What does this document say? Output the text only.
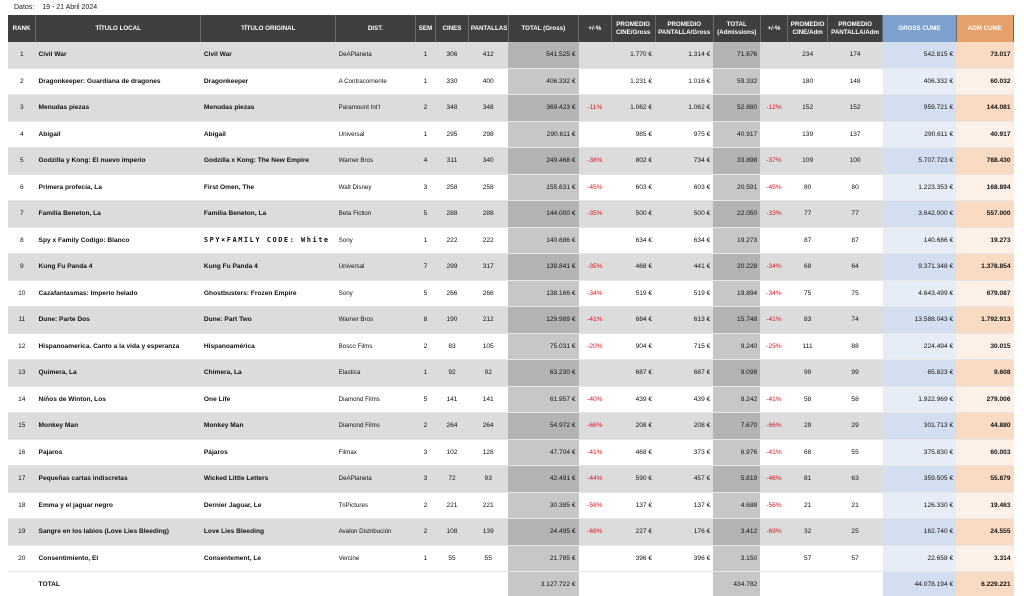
Datos: 19 - 21 Abril 2024
RANK	TÍTULO LOCAL	TÍTULO ORIGINAL	DIST.	SEM	CINES	PANTALLAS	TOTAL (Gross)	+/-%	PROMEDIO CINE/Gross	PROMEDIO PANTALLA/Gross	TOTAL (Admissions)	+/-%	PROMEDIO CINE/Adm	PROMEDIO PANTALLA/Adm	GROSS CUME	ADM CUME
1	Civil War	Civil War	DeAPlaneta	1	306	412	541.525 €		1.770 €	1.314 €	71.676		234	174	542.815 €	73.017
2	Dragonkeeper: Guardiana de dragones	Dragonkeeper	A Contracorriente	1	330	400	406.332 €		1.231 €	1.016 €	59.332		180	148	406.332 €	60.032
3	Menudas piezas	Menudas piezas	Paramount Int'l	2	348	348	369.423 €	-11%	1.062 €	1.062 €	52.880	-12%	152	152	959.721 €	144.081
4	Abigail	Abigail	Universal	1	295	298	290.611 €		985 €	975 €	40.917		139	137	290.611 €	40.917
5	Godzilla y Kong: El nuevo imperio	Godzilla x Kong: The New Empire	Warner Bros	4	311	340	249.468 €	-38%	802 €	734 €	33.898	-37%	109	100	5.707.723 €	788.430
6	Primera profecía, La	First Omen, The	Walt Disney	3	258	258	155.631 €	-45%	603 €	603 €	20.591	-45%	80	80	1.223.353 €	168.894
7	Familia Beneton, La	Familia Beneton, La	Beta Fiction	5	288	288	144.000 €	-35%	500 €	500 €	22.050	-33%	77	77	3.642.000 €	557.000
8	Spy x Family Codigo: Blanco	SPY×FAMILY CODE: White	Sony	1	222	222	140.686 €		634 €	634 €	19.273		87	87	140.686 €	19.273
9	Kung Fu Panda 4	Kung Fu Panda 4	Universal	7	299	317	139.841 €	-35%	468 €	441 €	20.228	-34%	68	64	9.371.348 €	1.378.854
10	Cazafantasmas: Imperio helado	Ghostbusters: Frozen Empire	Sony	5	266	266	138.166 €	-34%	519 €	519 €	19.894	-34%	75	75	4.643.499 €	679.087
11	Dune: Parte Dos	Dune: Part Two	Warner Bros	8	190	212	129.989 €	-41%	684 €	613 €	15.748	-41%	83	74	13.588.043 €	1.792.913
12	Hispanoamerica. Canto a la vida y esperanza	Hispanoamérica	Bosco Films	2	83	105	75.031 €	-20%	904 €	715 €	9.240	-25%	111	88	224.494 €	30.015
13	Quimera, La	Chimera, La	Elastica	1	92	92	63.230 €		687 €	687 €	9.098		99	99	65.823 €	9.608
14	Niños de Winton, Los	One Life	Diamond Films	5	141	141	61.957 €	-40%	439 €	439 €	8.242	-41%	58	58	1.922.969 €	279.006
15	Monkey Man	Monkey Man	Diamond Films	2	264	264	54.972 €	-66%	208 €	208 €	7.670	-66%	29	29	301.713 €	44.880
16	Pajaros	Pájaros	Filmax	3	102	128	47.704 €	-41%	468 €	373 €	6.976	-41%	68	55	375.830 €	60.003
17	Pequeñas cartas indiscretas	Wicked Little Letters	DeAPlaneta	3	72	93	42.491 €	-44%	590 €	457 €	5.819	-46%	81	63	359.505 €	55.879
18	Emma y el jaguar negro	Dernier Jaguar, Le	TriPictures	2	221	221	30.385 €	-58%	137 €	137 €	4.688	-56%	21	21	126.330 €	19.463
19	Sangre en los labios (Love Lies Bleeding)	Love Lies Bleeding	Avalon Distribución	2	108	139	24.495 €	-69%	227 €	176 €	3.412	-69%	32	25	162.740 €	24.555
20	Consentimiento, El	Consentement, Le	Vercine	1	55	55	21.785 €		396 €	396 €	3.150		57	57	22.658 €	3.314
	TOTAL						3.127.722 €				434.782				44.078.194 €	6.229.221
